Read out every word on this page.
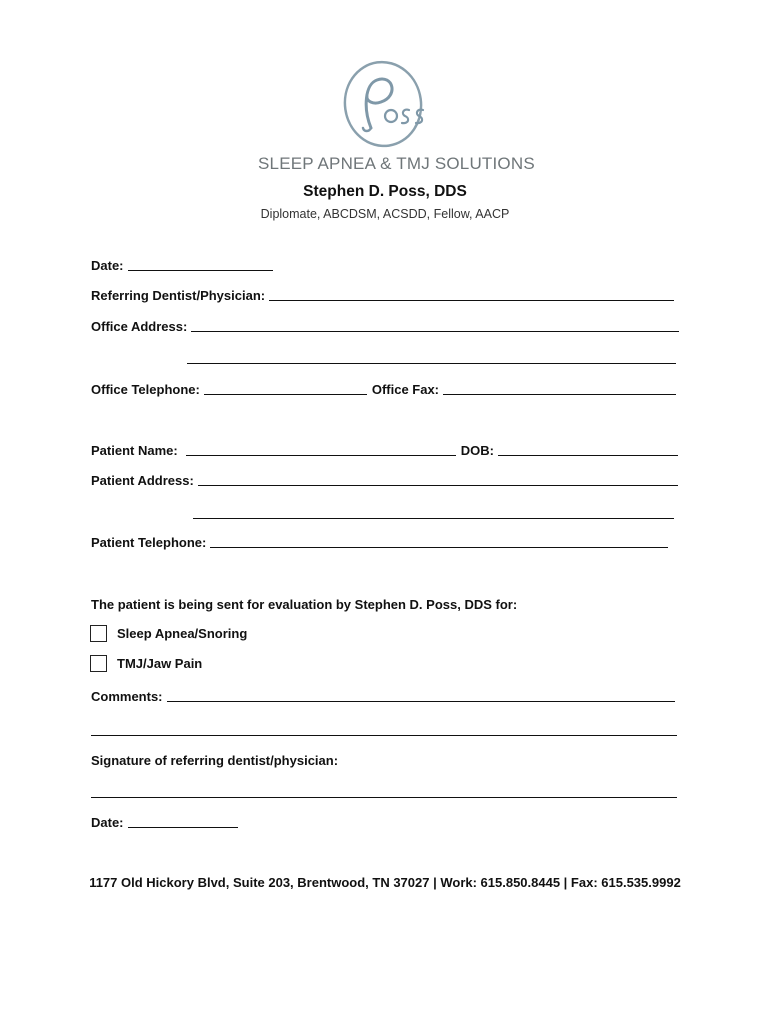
SLEEP APNEA & TMJ SOLUTIONS
Stephen D. Poss, DDS
Diplomate, ABCDSM, ACSDD, Fellow, AACP
Date:
Referring Dentist/Physician:
Office Address:
Office Telephone:	Office Fax:
Patient Name:	DOB:
Patient Address:
Patient Telephone:
The patient is being sent for evaluation by Stephen D. Poss, DDS for:
Sleep Apnea/Snoring
TMJ/Jaw Pain
Comments:
Signature of referring dentist/physician:
Date:
1177 Old Hickory Blvd, Suite 203, Brentwood, TN 37027 | Work: 615.850.8445 | Fax: 615.535.9992
